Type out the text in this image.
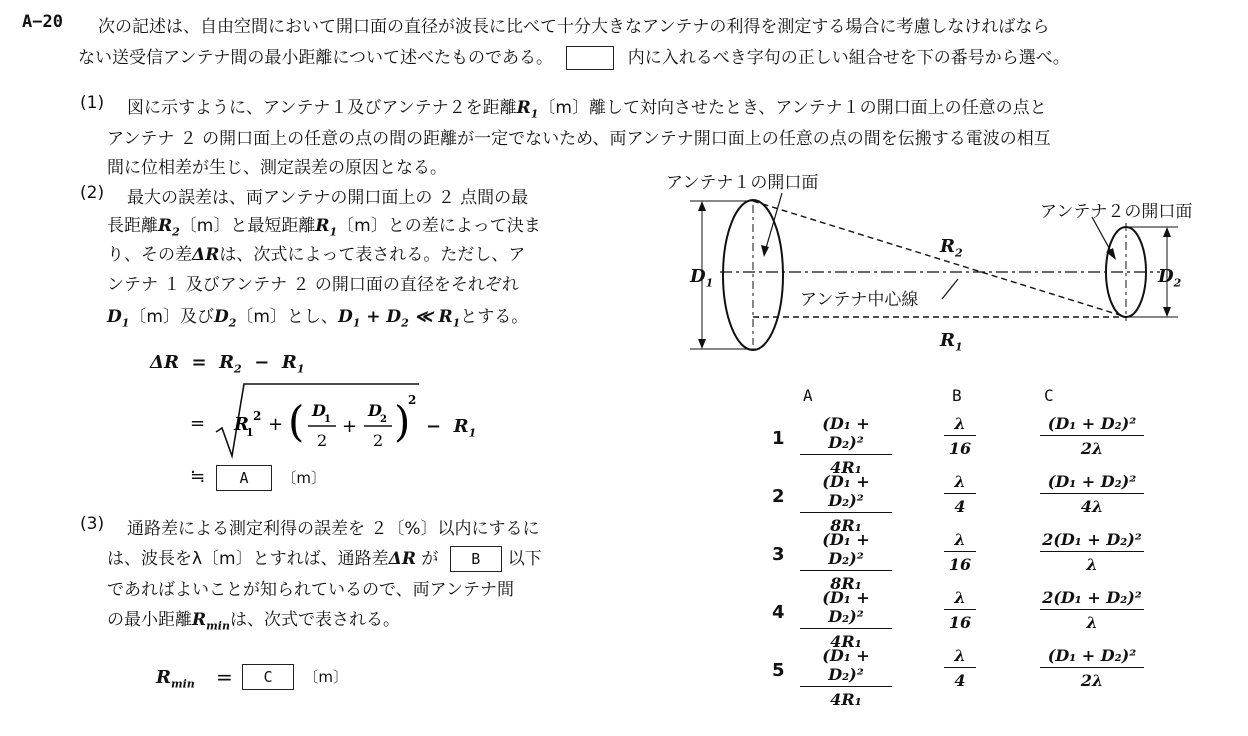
A−20 次の記述は、自由空間において開口面の直径が波長に比べて十分大きなアンテナの利得を測定する場合に考慮しなければなら
ない送受信アンテナ間の最小距離について述べたものである。	内に入れるべき字句の正しい組合せを下の番号から選べ。
(1) 図に示すように、アンテナ１及びアンテナ２を距離$R_1$〔m〕離して対向させたとき、アンテナ１の開口面上の任意の点と
アンテナ ２ の開口面上の任意の点の間の距離が一定でないため、両アンテナ開口面上の任意の点の間を伝搬する電波の相互
間に位相差が生じ、測定誤差の原因となる。
(2) 最大の誤差は、両アンテナの開口面上の ２ 点間の最
長距離$R_2$〔m〕と最短距離$R_1$〔m〕との差によって決ま
り、その差ΔRは、次式によって表される。ただし、ア
ンテナ １ 及びアンテナ ２ の開口面の直径をそれぞれ
$D_1$〔m〕及び$D_2$〔m〕とし、$D_1 + D_2$ ≪ $R_1$とする。
$\Delta R = R_2 - R_1$
= R
1
2 + ( D
1
2
+
D
2
2 )
2
−  $R_1$
≒	A 〔m〕
(3) 通路差による測定利得の誤差を ２〔%〕以内にするに
は、波長をλ〔m〕とすれば、通路差ΔR が B 以下
であればよいことが知られているので、両アンテナ間
の最小距離$R_{min}$は、次式で表される。
$R_{min}$ =	C 〔m〕
アンテナ１の開口面
アンテナ２の開口面
アンテナ中心線
$D_1$	$D_2$
$R_2$
$R_1$
A	B	C
$1 \frac{\text{(D₁ + D₂)²}}{\text{4R₁}}$	$\frac{\lambda}{16}$	$\frac{\text{(D₁ + D₂)²}}{2\lambda}$
$2 \frac{\text{(D₁ + D₂)²}}{\text{8R₁}}$	$\frac{\lambda}{4}$	$\frac{\text{(D₁ + D₂)²}}{4\lambda}$
$3 \frac{\text{(D₁ + D₂)²}}{\text{8R₁}}$	$\frac{\lambda}{16}$	$\frac{\text{2(D₁ + D₂)²}}{\lambda}$
$4 \frac{\text{(D₁ + D₂)²}}{\text{4R₁}}$	$\frac{\lambda}{16}$	$\frac{\text{2(D₁ + D₂)²}}{\lambda}$
$5 \frac{\text{(D₁ + D₂)²}}{\text{4R₁}}$	$\frac{\lambda}{4}$	$\frac{\text{(D₁ + D₂)²}}{2\lambda}$
